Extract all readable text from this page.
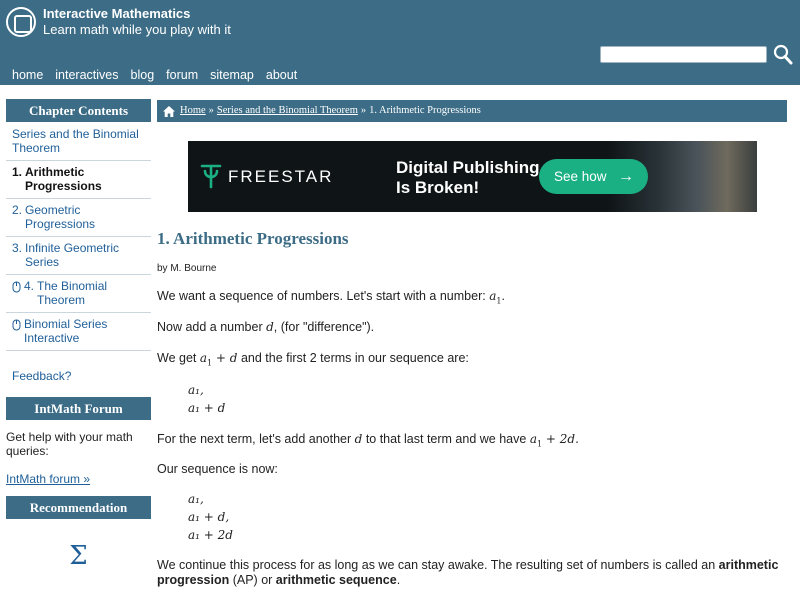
Interactive Mathematics
Learn math while you play with it
home interactives blog forum sitemap about
Chapter Contents
Series and the Binomial Theorem
1. Arithmetic Progressions
2. Geometric Progressions
3. Infinite Geometric Series
4. The Binomial Theorem
Binomial Series Interactive
Feedback?
IntMath Forum
Get help with your math queries:
IntMath forum »
Recommendation
Σ
Home » Series and the Binomial Theorem » 1. Arithmetic Progressions
FREESTAR	Digital Publishing
Is Broken!
See how →
1. Arithmetic Progressions
by M. Bourne
We want a sequence of numbers. Let's start with a number: $a_1$.
Now add a number d, (for "difference").
We get $a_1 + d$ and the first 2 terms in our sequence are:
a₁,
a₁ + d
For the next term, let's add another d to that last term and we have $a_1 + 2d$.
Our sequence is now:
a₁,
a₁ + d,
a₁ + 2d
We continue this process for as long as we can stay awake. The resulting set of numbers is called an arithmetic progression (AP) or arithmetic sequence.
